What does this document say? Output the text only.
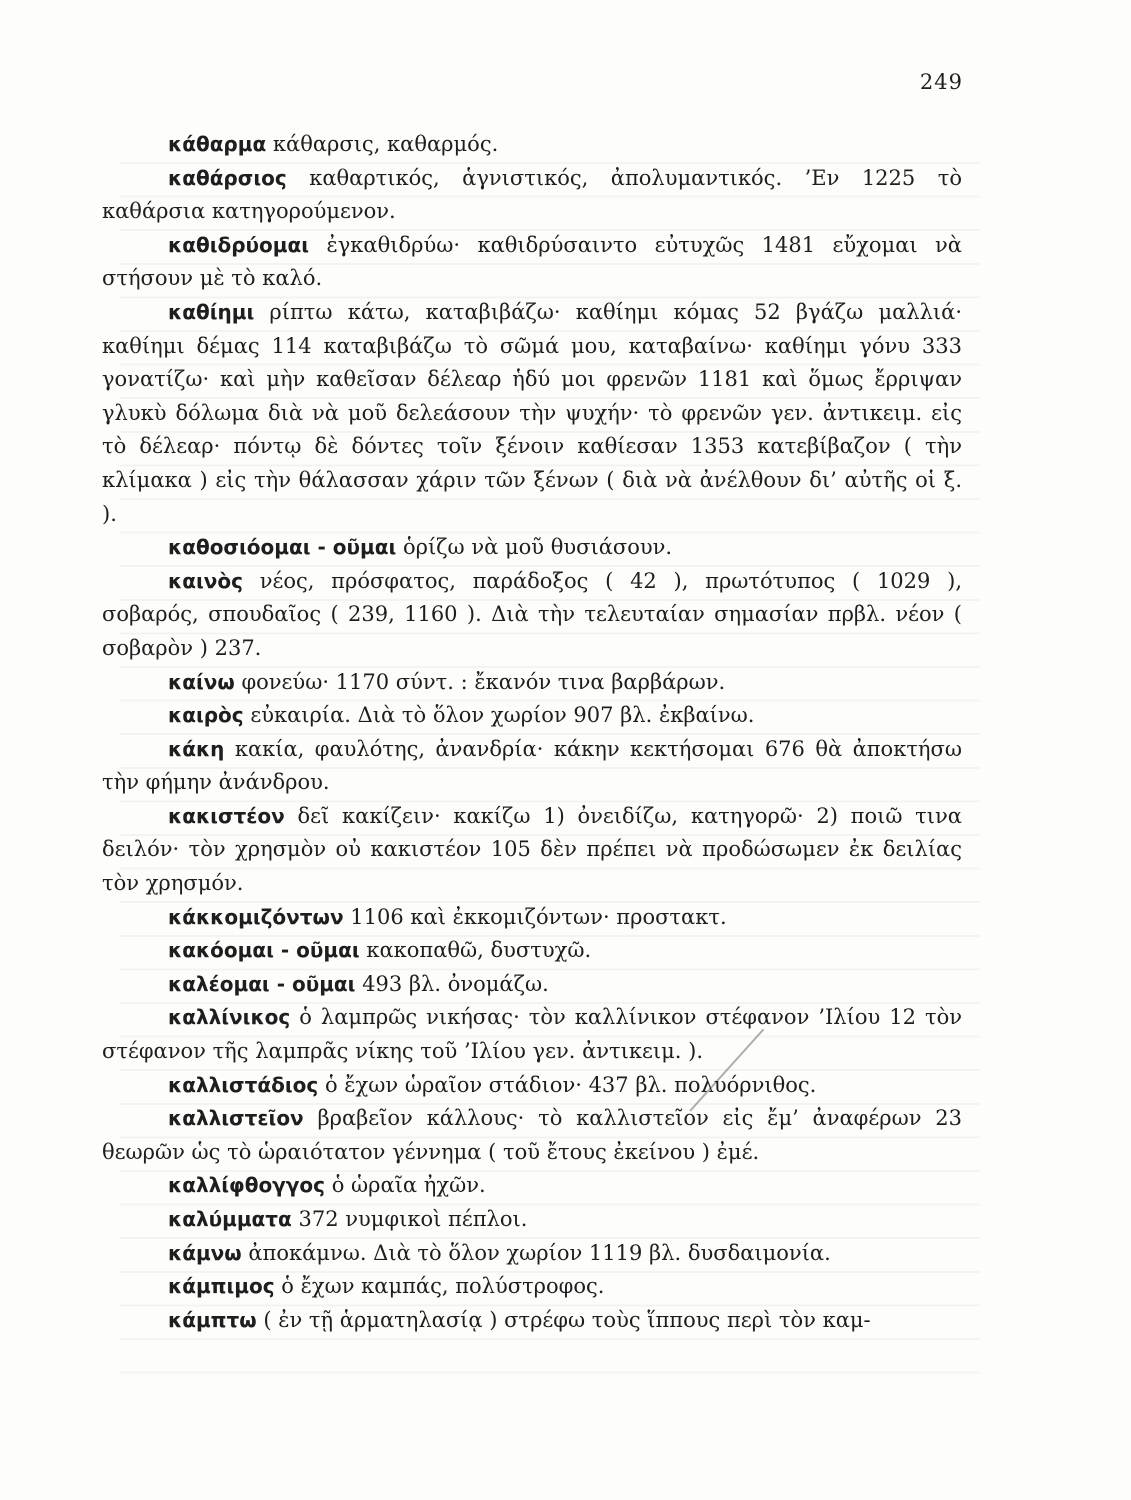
249

κάθαρμα κάθαρσις, καθαρμός.

καθάρσιος καθαρτικός, ἁγνιστικός, ἀπολυμαντικός. ’Εν 1225 τὸ καθάρσια κατηγορούμενον.

καθιδρύομαι ἐγκαθιδρύω· καθιδρύσαιντο εὐτυχῶς 1481 εὔχομαι νὰ στήσουν μὲ τὸ καλό.

καθίημι ρίπτω κάτω, καταβιβάζω· καθίημι κόμας 52 βγάζω μαλλιά· καθίημι δέμας 114 καταβιβάζω τὸ σῶμά μου, καταβαίνω· καθίημι γόνυ 333 γονατίζω· καὶ μὴν καθεῖσαν δέλεαρ ἡδύ μοι φρενῶν 1181 καὶ ὅμως ἔρριψαν γλυκὺ δόλωμα διὰ νὰ μοῦ δελεάσουν τὴν ψυχήν· τὸ φρενῶν γεν. ἀντικειμ. εἰς τὸ δέλεαρ· πόντῳ δὲ δόντες τοῖν ξένοιν καθίεσαν 1353 κατεβίβαζον ( τὴν κλίμακα ) εἰς τὴν θάλασσαν χάριν τῶν ξένων ( διὰ νὰ ἀνέλθουν δι’ αὐτῆς οἱ ξ. ).

καθοσιόομαι - οῦμαι ὁρίζω νὰ μοῦ θυσιάσουν.

καινὸς νέος, πρόσφατος, παράδοξος ( 42 ), πρωτότυπος ( 1029 ), σοβαρός, σπουδαῖος ( 239, 1160 ). Διὰ τὴν τελευταίαν σημασίαν πρβλ. νέον ( σοβαρὸν ) 237.

καίνω φονεύω· 1170 σύντ. : ἔκανόν τινα βαρβάρων.

καιρὸς εὐκαιρία. Διὰ τὸ ὅλον χωρίον 907 βλ. ἐκβαίνω.

κάκη κακία, φαυλότης, ἀνανδρία· κάκην κεκτήσομαι 676 θὰ ἀποκτήσω τὴν φήμην ἀνάνδρου.

κακιστέον δεῖ κακίζειν· κακίζω 1) ὀνειδίζω, κατηγορῶ· 2) ποιῶ τινα δειλόν· τὸν χρησμὸν οὐ κακιστέον 105 δὲν πρέπει νὰ προδώσωμεν ἐκ δειλίας τὸν χρησμόν.

κάκκομιζόντων 1106 καὶ ἐκκομιζόντων· προστακτ.

κακόομαι - οῦμαι κακοπαθῶ, δυστυχῶ.

καλέομαι - οῦμαι 493 βλ. ὀνομάζω.

καλλίνικος ὁ λαμπρῶς νικήσας· τὸν καλλίνικον στέφανον ’Ιλίου 12 τὸν στέφανον τῆς λαμπρᾶς νίκης τοῦ ’Ιλίου γεν. ἀντικειμ. ).

καλλιστάδιος ὁ ἔχων ὡραῖον στάδιον· 437 βλ. πολυόρνιθος.

καλλιστεῖον βραβεῖον κάλλους· τὸ καλλιστεῖον εἰς ἔμ’ ἀναφέρων 23 θεωρῶν ὡς τὸ ὡραιότατον γέννημα ( τοῦ ἔτους ἐκείνου ) ἐμέ.

καλλίφθογγος ὁ ὡραῖα ἠχῶν.

καλύμματα 372 νυμφικοὶ πέπλοι.

κάμνω ἀποκάμνω. Διὰ τὸ ὅλον χωρίον 1119 βλ. δυσδαιμονία.

κάμπιμος ὁ ἔχων καμπάς, πολύστροφος.

κάμπτω ( ἐν τῇ ἁρματηλασίᾳ ) στρέφω τοὺς ἵππους περὶ τὸν καμ-
